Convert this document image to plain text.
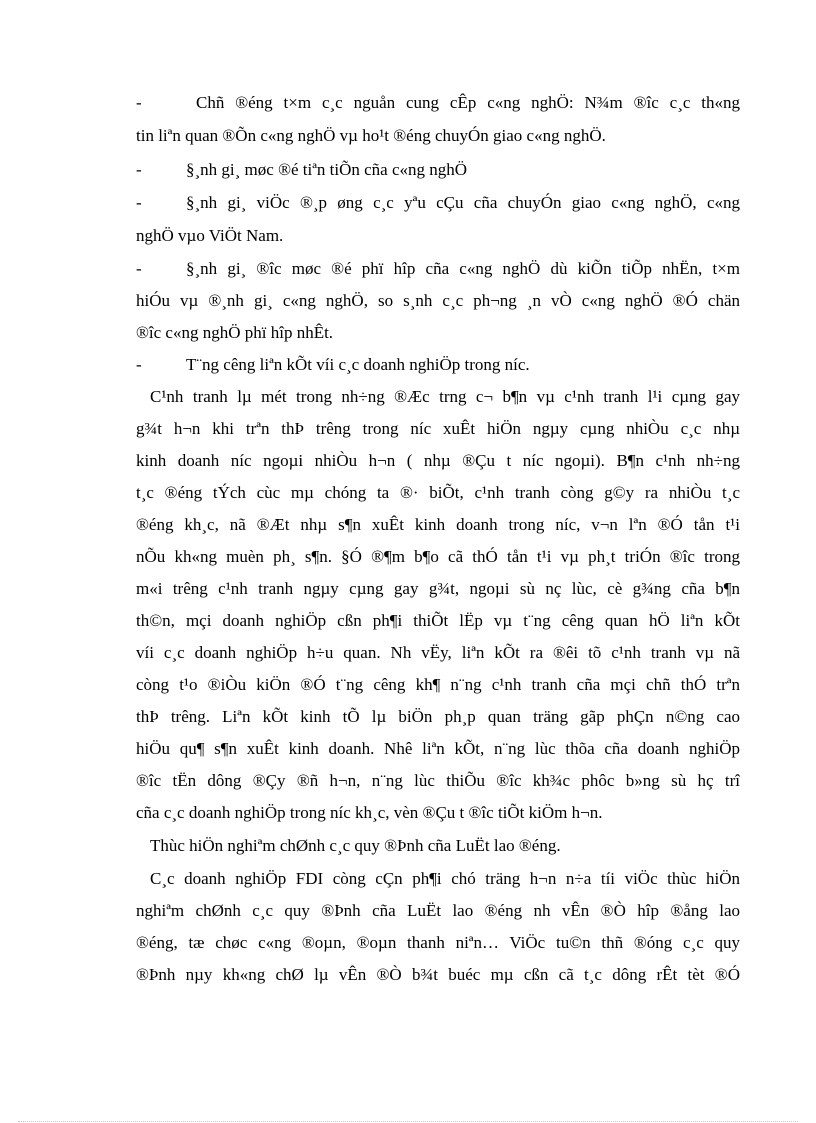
-	Chñ ®éng t×m c¸c nguån cung cÊp c«ng nghÖ: N¾m ®îc c¸c th«ng
tin liªn quan ®Õn c«ng nghÖ vµ ho¹t ®éng chuyÓn giao c«ng nghÖ.
-	§¸nh gi¸ møc ®é tiªn tiÕn cña c«ng nghÖ
-	§¸nh gi¸ viÖc ®¸p øng c¸c yªu cÇu cña chuyÓn giao c«ng nghÖ, c«ng
nghÖ vµo ViÖt Nam.
-	§¸nh gi¸ ®îc møc ®é phï hîp cña c«ng nghÖ dù kiÕn tiÕp nhËn, t×m
hiÓu vµ ®¸nh gi¸ c«ng nghÖ, so s¸nh c¸c ph¬ng ¸n vÒ c«ng nghÖ ®Ó chän
®îc c«ng nghÖ phï hîp nhÊt.
-	T¨ng cêng liªn kÕt víi c¸c doanh nghiÖp trong níc.
C¹nh tranh lµ mét trong nh÷ng ®Æc trng c¬ b¶n vµ c¹nh tranh l¹i cµng gay
g¾t h¬n khi trªn thÞ trêng trong níc xuÊt hiÖn ngµy cµng nhiÒu c¸c nhµ
kinh doanh níc ngoµi nhiÒu h¬n ( nhµ ®Çu t níc ngoµi). B¶n c¹nh nh÷ng
t¸c ®éng tÝch cùc mµ chóng ta ®· biÕt, c¹nh tranh còng g©y ra nhiÒu t¸c
®éng kh¸c, nã ®Æt nhµ s¶n xuÊt kinh doanh trong níc, v¬n lªn ®Ó tån t¹i
nÕu kh«ng muèn ph¸ s¶n. §Ó ®¶m b¶o cã thÓ tån t¹i vµ ph¸t triÓn ®îc trong
m«i trêng c¹nh tranh ngµy cµng gay g¾t, ngoµi sù nç lùc, cè g¾ng cña b¶n
th©n, mçi doanh nghiÖp cßn ph¶i thiÕt lËp vµ t¨ng cêng quan hÖ liªn kÕt
víi c¸c doanh nghiÖp h÷u quan. Nh vËy, liªn kÕt ra ®êi tõ c¹nh tranh vµ nã
còng t¹o ®iÒu kiÖn ®Ó t¨ng cêng kh¶ n¨ng c¹nh tranh cña mçi chñ thÓ trªn
thÞ trêng. Liªn kÕt kinh tÕ lµ biÖn ph¸p quan träng gãp phÇn n©ng cao
hiÖu qu¶ s¶n xuÊt kinh doanh. Nhê liªn kÕt, n¨ng lùc thõa cña doanh nghiÖp
®îc tËn dông ®Çy ®ñ h¬n, n¨ng lùc thiÕu ®îc kh¾c phôc b»ng sù hç trî
cña c¸c doanh nghiÖp trong níc kh¸c, vèn ®Çu t ®îc tiÕt kiÖm h¬n.
Thùc hiÖn nghiªm chØnh c¸c quy ®Þnh cña LuËt lao ®éng.
C¸c doanh nghiÖp FDI còng cÇn ph¶i chó träng h¬n n÷a tíi viÖc thùc hiÖn
nghiªm chØnh c¸c quy ®Þnh cña LuËt lao ®éng nh vÊn ®Ò hîp ®ång lao
®éng, tæ chøc c«ng ®oµn, ®oµn thanh niªn… ViÖc tu©n thñ ®óng c¸c quy
®Þnh nµy kh«ng chØ lµ vÊn ®Ò b¾t buéc mµ cßn cã t¸c dông rÊt tèt ®Ó
